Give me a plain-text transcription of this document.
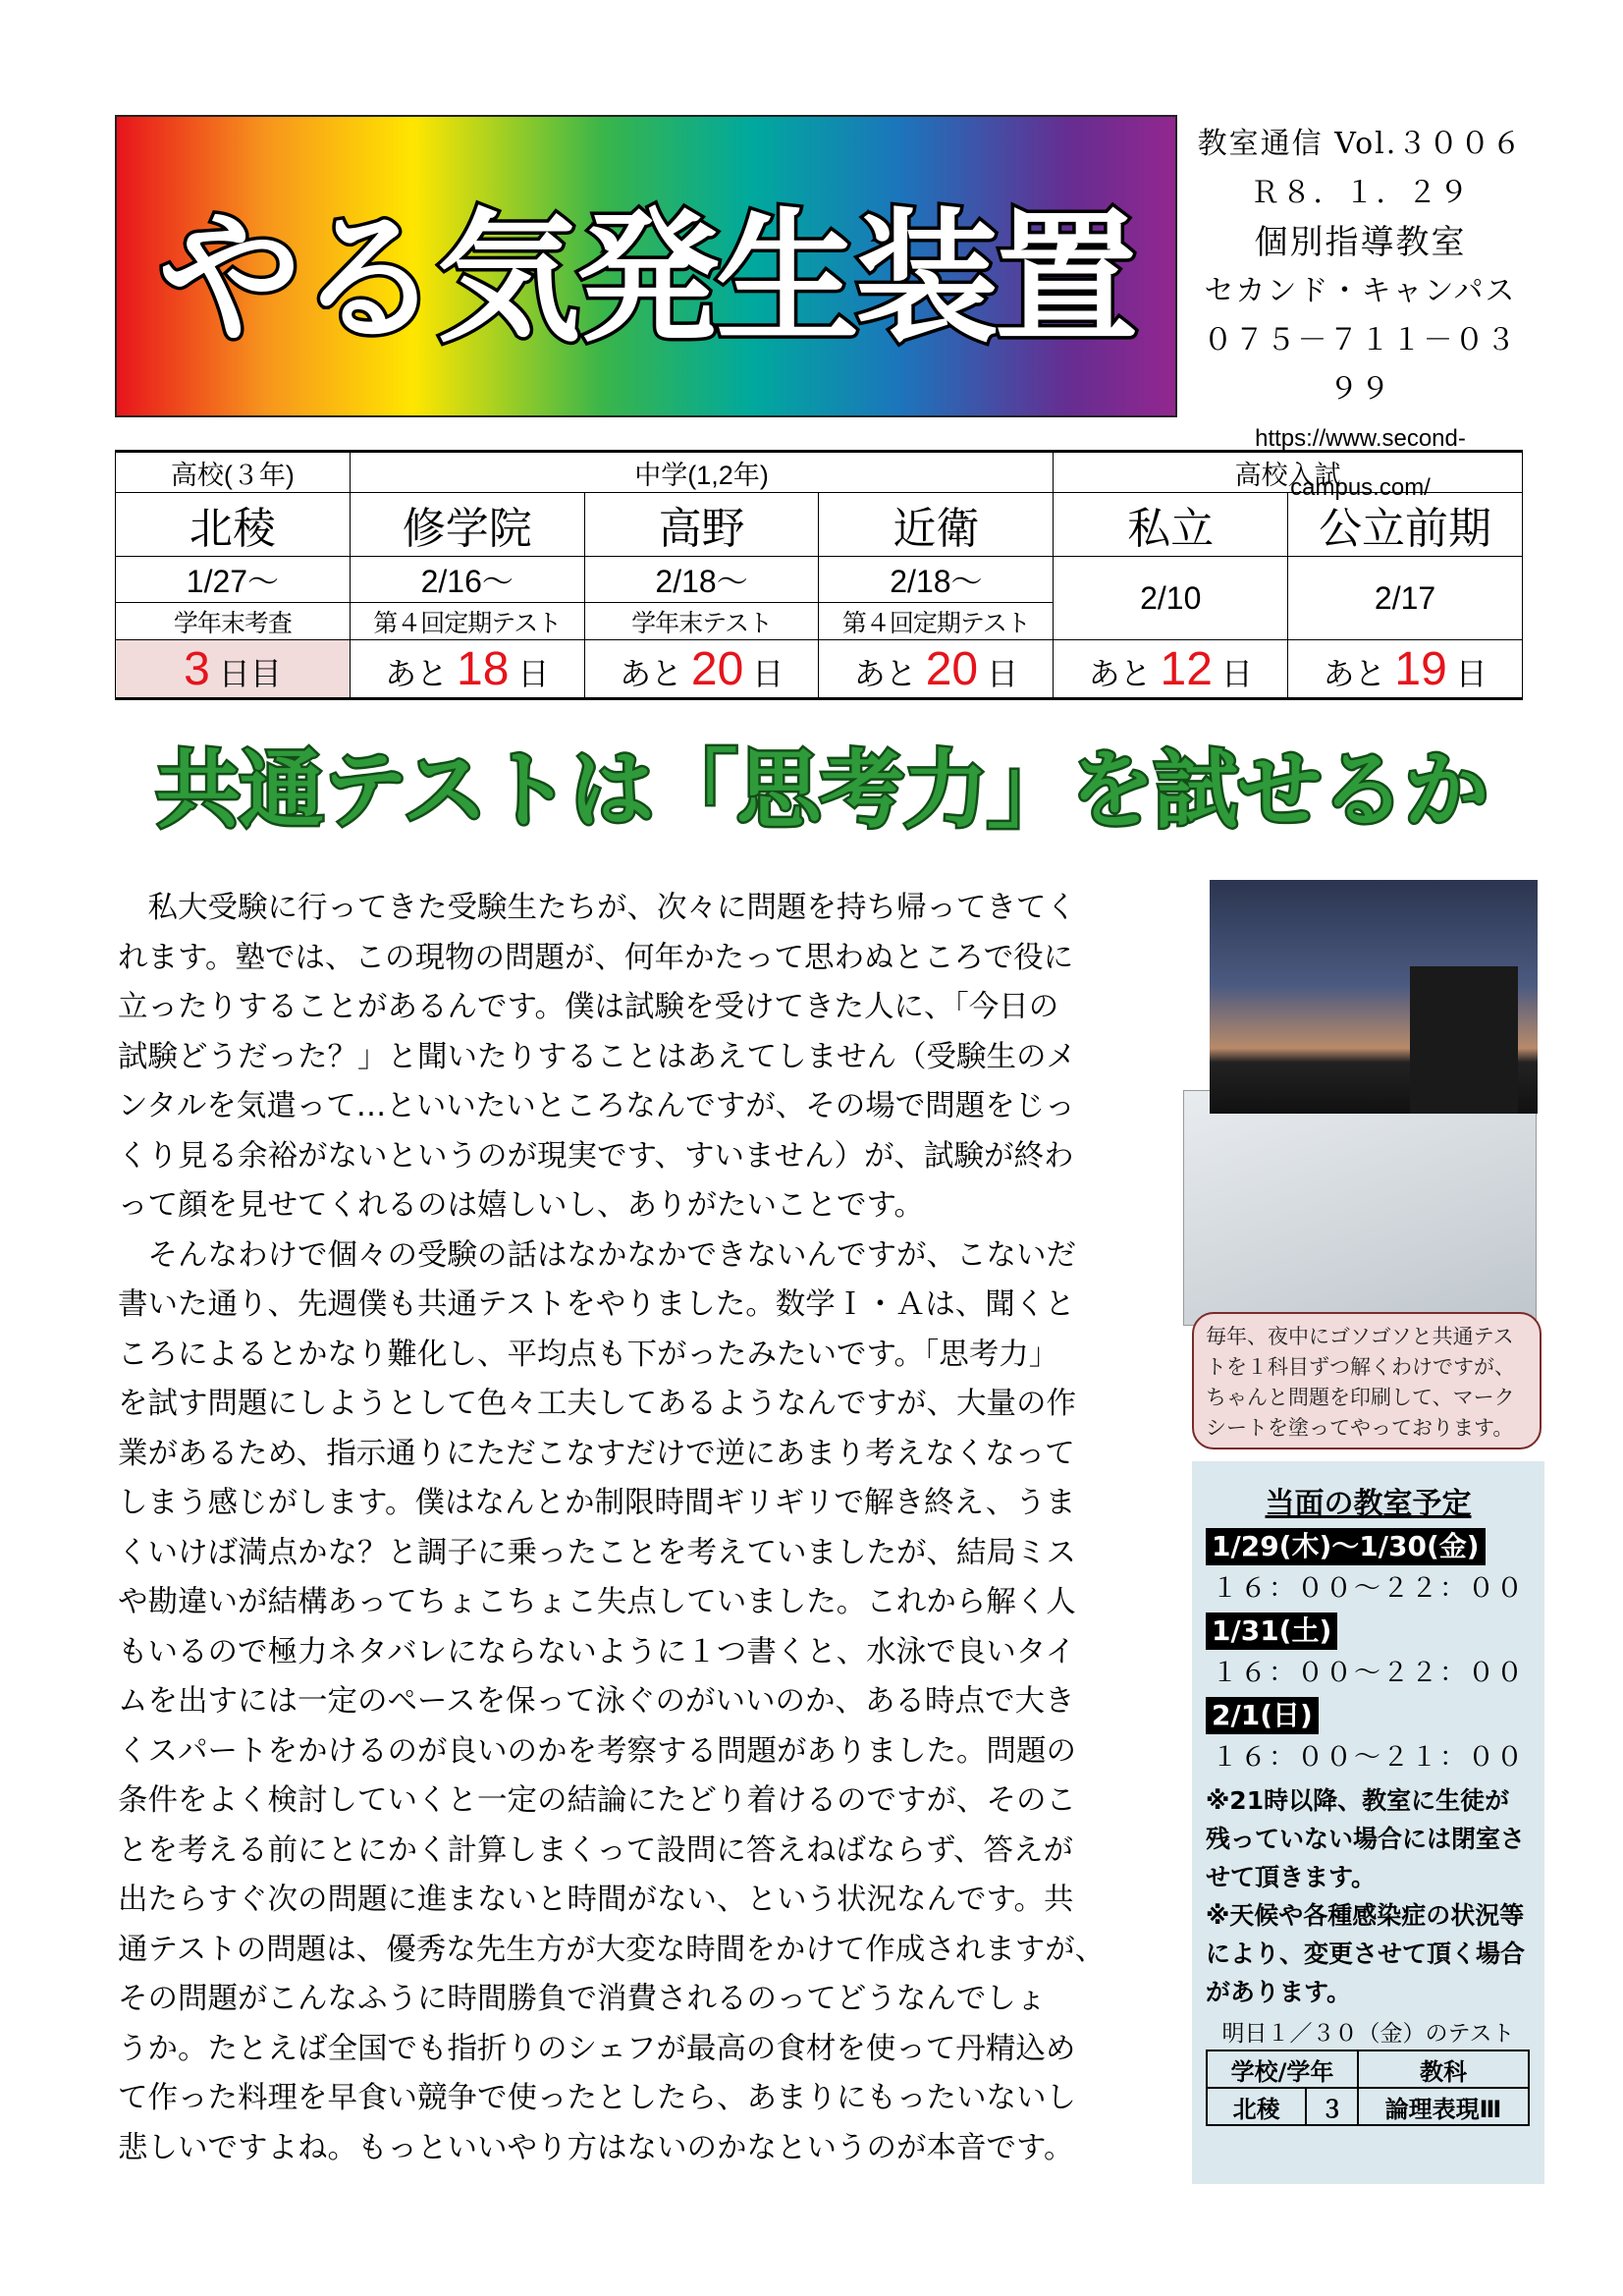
やる気発生装置
教室通信 Vol.３００６
Ｒ８．１．２９
個別指導教室
セカンド・キャンパス
０７５－７１１－０３９９
https://www.second-campus.com/
高校(３年)	中学(1,2年)			高校入試	
北稜	修学院	高野	近衛	私立	公立前期
1/27～	2/16～	2/18～	2/18～	2/10	2/17
学年末考査	第４回定期テスト	学年末テスト	第４回定期テスト		
3 日目	あと 18 日	あと 20 日	あと 20 日	あと 12 日	あと 19 日
共通テストは「思考力」を試せるか
　私大受験に行ってきた受験生たちが、次々に問題を持ち帰ってきてく
れます。塾では、この現物の問題が、何年かたって思わぬところで役に
立ったりすることがあるんです。僕は試験を受けてきた人に、「今日の
試験どうだった？」と聞いたりすることはあえてしません（受験生のメ
ンタルを気遣って…といいたいところなんですが、その場で問題をじっ
くり見る余裕がないというのが現実です、すいません）が、試験が終わ
って顔を見せてくれるのは嬉しいし、ありがたいことです。
　そんなわけで個々の受験の話はなかなかできないんですが、こないだ
書いた通り、先週僕も共通テストをやりました。数学Ｉ・Ａは、聞くと
ころによるとかなり難化し、平均点も下がったみたいです。「思考力」
を試す問題にしようとして色々工夫してあるようなんですが、大量の作
業があるため、指示通りにただこなすだけで逆にあまり考えなくなって
しまう感じがします。僕はなんとか制限時間ギリギリで解き終え、うま
くいけば満点かな？と調子に乗ったことを考えていましたが、結局ミス
や勘違いが結構あってちょこちょこ失点していました。これから解く人
もいるので極力ネタバレにならないように１つ書くと、水泳で良いタイ
ムを出すには一定のペースを保って泳ぐのがいいのか、ある時点で大き
くスパートをかけるのが良いのかを考察する問題がありました。問題の
条件をよく検討していくと一定の結論にたどり着けるのですが、そのこ
とを考える前にとにかく計算しまくって設問に答えねばならず、答えが
出たらすぐ次の問題に進まないと時間がない、という状況なんです。共
通テストの問題は、優秀な先生方が大変な時間をかけて作成されますが、
その問題がこんなふうに時間勝負で消費されるのってどうなんでしょ
うか。たとえば全国でも指折りのシェフが最高の食材を使って丹精込め
て作った料理を早食い競争で使ったとしたら、あまりにもったいないし
悲しいですよね。もっといいやり方はないのかなというのが本音です。
毎年、夜中にゴソゴソと共通テストを１科目ずつ解くわけですが、ちゃんと問題を印刷して、マークシートを塗ってやっております。
当面の教室予定
1/29(木)～1/30(金)
１６：００～２２：００
1/31(土)
１６：００～２２：００
2/1(日)
１６：００～２１：００
※21時以降、教室に生徒が残っていない場合には閉室させて頂きます。
※天候や各種感染症の状況等により、変更させて頂く場合があります。
明日１／３０（金）のテスト
学校/学年		教科
北稜	３	論理表現Ⅲ
